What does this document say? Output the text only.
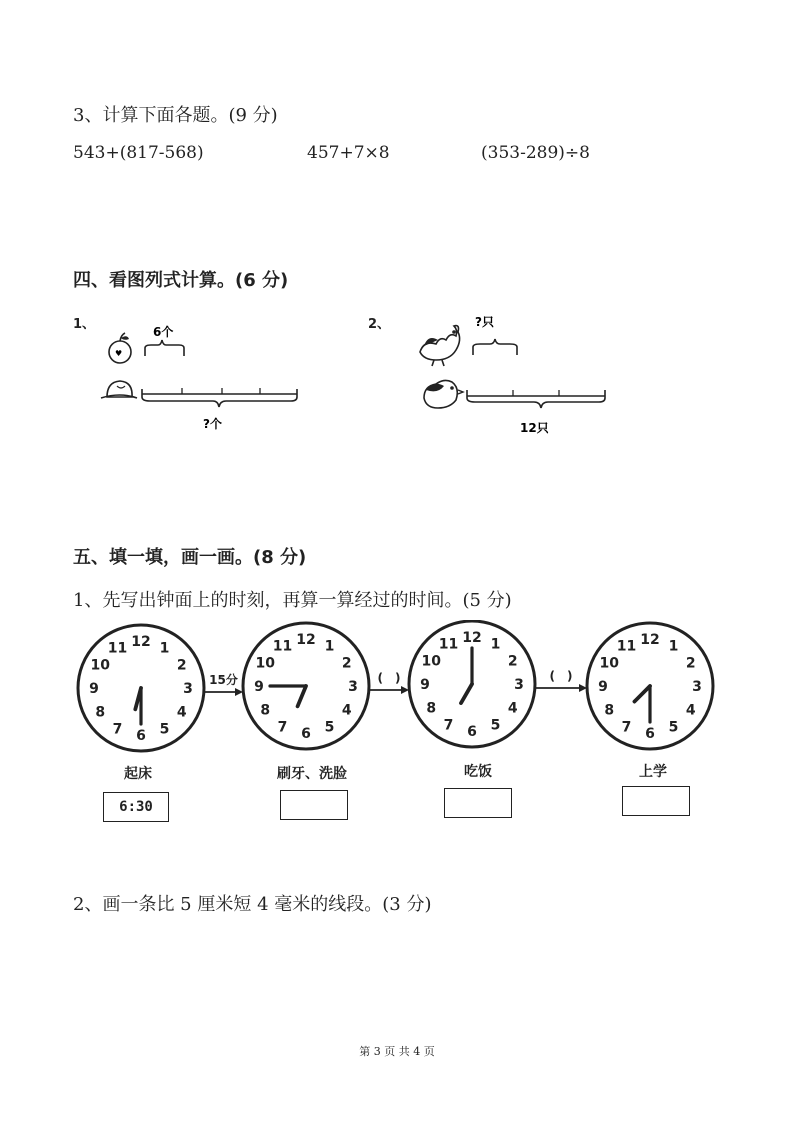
3、计算下面各题。(9 分)
543+(817-568)	457+7×8	(353-289)÷8
四、看图列式计算。(6 分)
1、
♥
6个
?个
2、	?只
12只
五、填一填，画一画。(8 分)
1、先写出钟面上的时刻，再算一算经过的时间。(5 分)
12 1
2
3
4
5
6
7
8
9
10
11
12 1
2
3
4
5
6
7
8
9
10
11
12 1
2
3
4
5
6
7
8
9
10
11	12 1
2
3
4
5
6
7
8
9
10
11
15分	(　)	(　)
起床	刷牙、洗脸	吃饭	上学
6:30
2、画一条比 5 厘米短 4 毫米的线段。(3 分)
第 3 页 共 4 页
